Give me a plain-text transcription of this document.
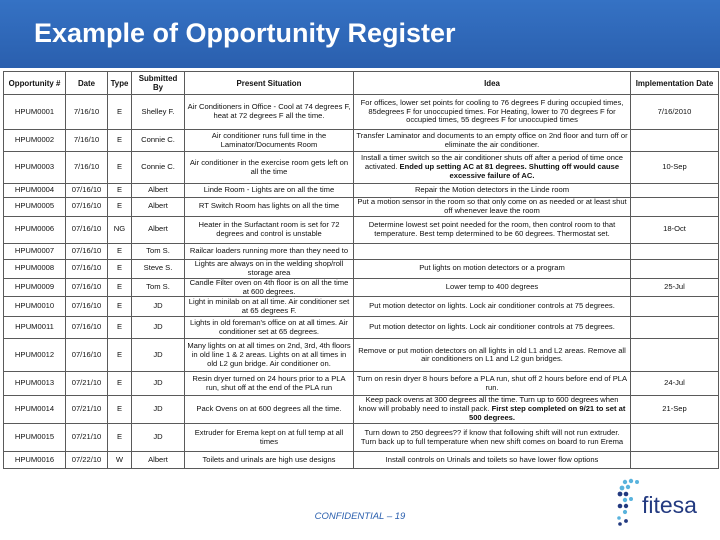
Example of Opportunity Register
Opportunity #	Date	Type	Submitted By	Present Situation	Idea	Implementation Date
HPUM0001	7/16/10	E	Shelley F.	Air Conditioners in Office - Cool at 74 degrees F, heat at 72 degrees F all the time.	For offices, lower set points for cooling to 76 degrees F during occupied times, 85degrees F for unoccupied times. For Heating, lower to 70 degrees F for occupied times, 55 degrees F for unoccupied times	7/16/2010
HPUM0002	7/16/10	E	Connie C.	Air conditioner runs full time in the Laminator/Documents Room	Transfer Laminator and documents to an empty office on 2nd floor and turn off or eliminate the air conditioner.	
HPUM0003	7/16/10	E	Connie C.	Air conditioner in the exercise room gets left on all the time	Install a timer switch so the air conditioner shuts off after a period of time once activated. Ended up setting AC at 81 degrees. Shutting off would cause excessive failure of AC.	10-Sep
HPUM0004	07/16/10	E	Albert	Linde Room - Lights are on all the time	Repair the Motion detectors in the Linde room	
HPUM0005	07/16/10	E	Albert	RT Switch Room has lights on all the time	Put a motion sensor in the room so that only come on as needed or at least shut off whenever leave the room	
HPUM0006	07/16/10	NG	Albert	Heater in the Surfactant room is set for 72 degrees and control is unstable	Determine lowest set point needed for the room, then control room to that temperature. Best temp determined to be 60 degrees. Thermostat set.	18-Oct
HPUM0007	07/16/10	E	Tom S.	Railcar loaders running more than they need to		
HPUM0008	07/16/10	E	Steve S.	Lights are always on in the welding shop/roll storage area	Put lights on motion detectors or a program	
HPUM0009	07/16/10	E	Tom S.	Candle Filter oven on 4th floor is on all the time at 600 degrees.	Lower temp to 400 degrees	25-Jul
HPUM0010	07/16/10	E	JD	Light in minilab on at all time. Air conditioner set at 65 degrees F.	Put motion detector on lights. Lock air conditioner controls at 75 degrees.	
HPUM0011	07/16/10	E	JD	Lights in old foreman's office on at all times. Air conditioner set at 65 degrees.	Put motion detector on lights. Lock air conditioner controls at 75 degrees.	
HPUM0012	07/16/10	E	JD	Many lights on at all times on 2nd, 3rd, 4th floors in old line 1 & 2 areas. Lights on at all times in old L2 gun bridge. Air conditioner on.	Remove or put motion detectors on all lights in old L1 and L2 areas. Remove all air conditioners on L1 and L2 gun bridges.	
HPUM0013	07/21/10	E	JD	Resin dryer turned on 24 hours prior to a PLA run, shut off at the end of the PLA run	Turn on resin dryer 8 hours before a PLA run, shut off 2 hours before end of PLA run.	24-Jul
HPUM0014	07/21/10	E	JD	Pack Ovens on at 600 degrees all the time.	Keep pack ovens at 300 degrees all the time. Turn up to 600 degrees when know will probably need to install pack. First step completed on 9/21 to set at 500 degrees.	21-Sep
HPUM0015	07/21/10	E	JD	Extruder for Erema kept on at full temp at all times	Turn down to 250 degrees?? if know that following shift will not run extruder. Turn back up to full temperature when new shift comes on board to run Erema	
HPUM0016	07/22/10	W	Albert	Toilets and urinals are high use designs	Install controls on Urinals and toilets so have lower flow options	
CONFIDENTIAL – 19	fitesa
